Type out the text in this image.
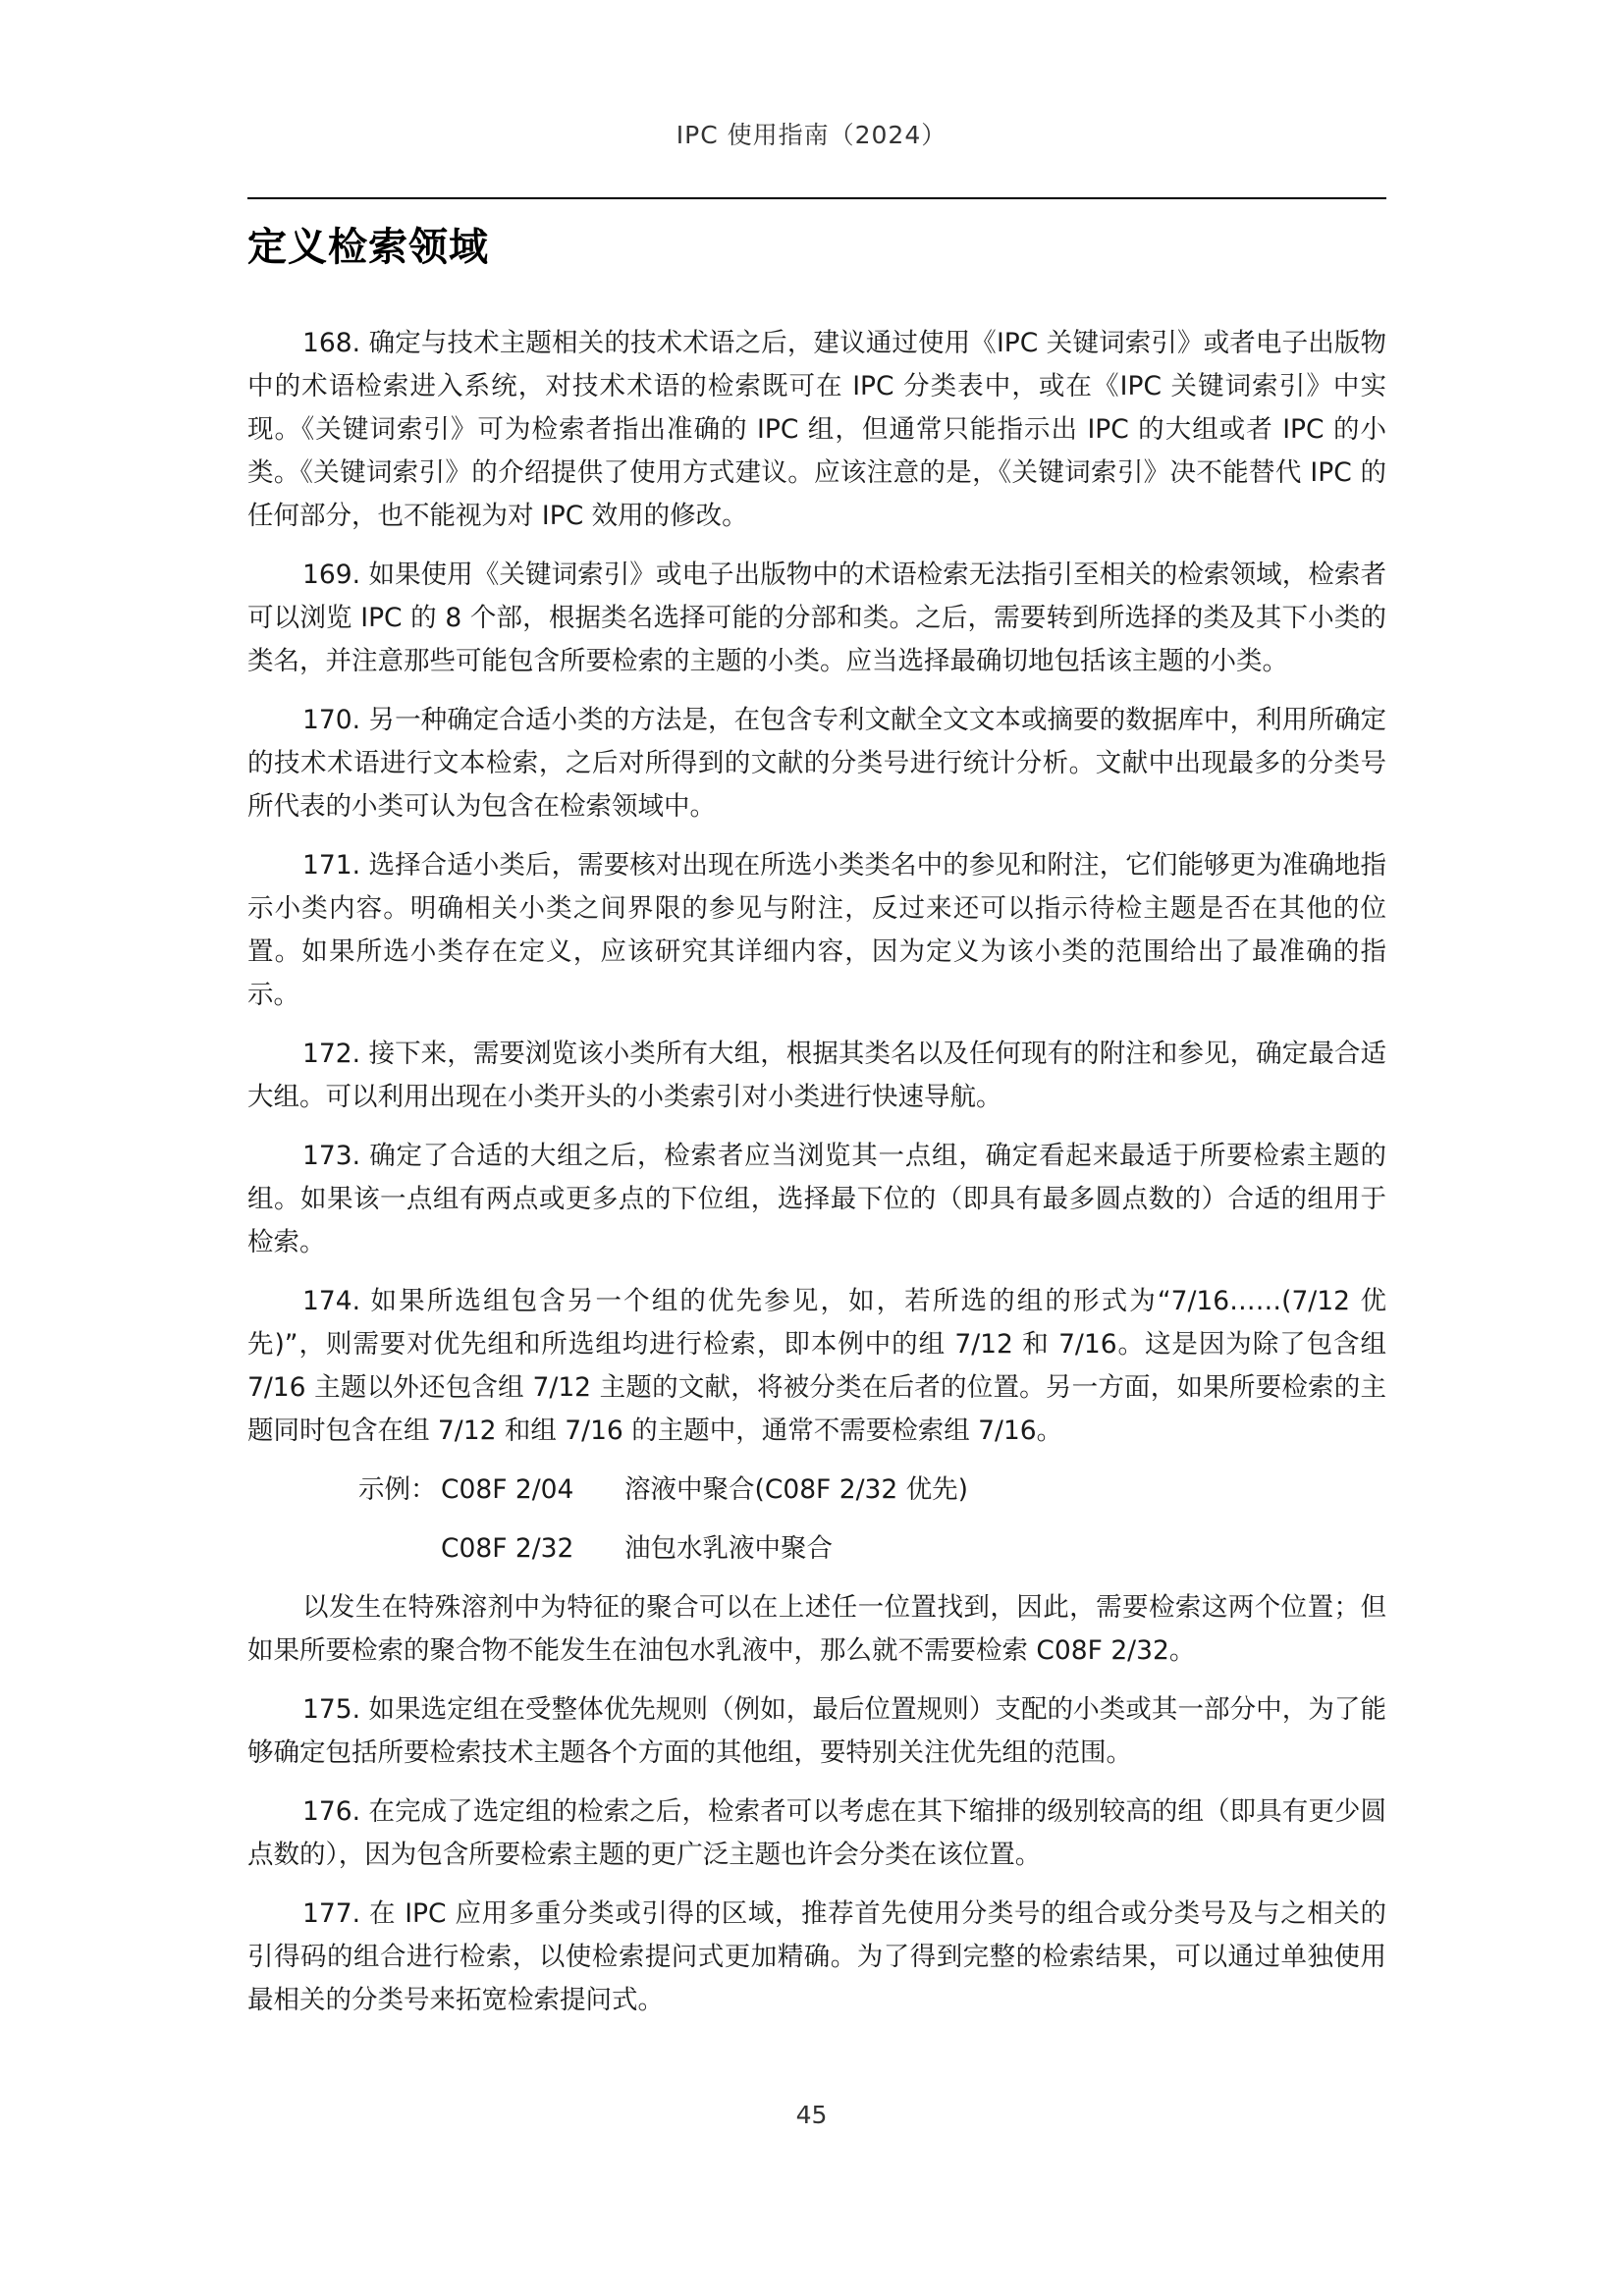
IPC 使用指南（2024）
定义检索领域

168. 确定与技术主题相关的技术术语之后，建议通过使用《IPC 关键词索引》或者电子出版物中的术语检索进入系统，对技术术语的检索既可在 IPC 分类表中，或在《IPC 关键词索引》中实现。《关键词索引》可为检索者指出准确的 IPC 组，但通常只能指示出 IPC 的大组或者 IPC 的小类。《关键词索引》的介绍提供了使用方式建议。应该注意的是，《关键词索引》决不能替代 IPC 的任何部分，也不能视为对 IPC 效用的修改。

169. 如果使用《关键词索引》或电子出版物中的术语检索无法指引至相关的检索领域，检索者可以浏览 IPC 的 8 个部，根据类名选择可能的分部和类。之后，需要转到所选择的类及其下小类的类名，并注意那些可能包含所要检索的主题的小类。应当选择最确切地包括该主题的小类。

170. 另一种确定合适小类的方法是，在包含专利文献全文文本或摘要的数据库中，利用所确定的技术术语进行文本检索，之后对所得到的文献的分类号进行统计分析。文献中出现最多的分类号所代表的小类可认为包含在检索领域中。

171. 选择合适小类后，需要核对出现在所选小类类名中的参见和附注，它们能够更为准确地指示小类内容。明确相关小类之间界限的参见与附注，反过来还可以指示待检主题是否在其他的位置。如果所选小类存在定义，应该研究其详细内容，因为定义为该小类的范围给出了最准确的指示。

172. 接下来，需要浏览该小类所有大组，根据其类名以及任何现有的附注和参见，确定最合适大组。可以利用出现在小类开头的小类索引对小类进行快速导航。

173. 确定了合适的大组之后，检索者应当浏览其一点组，确定看起来最适于所要检索主题的组。如果该一点组有两点或更多点的下位组，选择最下位的（即具有最多圆点数的）合适的组用于检索。

174. 如果所选组包含另一个组的优先参见，如，若所选的组的形式为“7/16……(7/12 优先)”，则需要对优先组和所选组均进行检索，即本例中的组 7/12 和 7/16。这是因为除了包含组 7/16 主题以外还包含组 7/12 主题的文献，将被分类在后者的位置。另一方面，如果所要检索的主题同时包含在组 7/12 和组 7/16 的主题中，通常不需要检索组 7/16。

示例： C08F 2/04	溶液中聚合(C08F 2/32 优先)
C08F 2/32	油包水乳液中聚合

以发生在特殊溶剂中为特征的聚合可以在上述任一位置找到，因此，需要检索这两个位置；但如果所要检索的聚合物不能发生在油包水乳液中，那么就不需要检索 C08F 2/32。

175. 如果选定组在受整体优先规则（例如，最后位置规则）支配的小类或其一部分中，为了能够确定包括所要检索技术主题各个方面的其他组，要特别关注优先组的范围。

176. 在完成了选定组的检索之后，检索者可以考虑在其下缩排的级别较高的组（即具有更少圆点数的），因为包含所要检索主题的更广泛主题也许会分类在该位置。

177. 在 IPC 应用多重分类或引得的区域，推荐首先使用分类号的组合或分类号及与之相关的引得码的组合进行检索，以使检索提问式更加精确。为了得到完整的检索结果，可以通过单独使用最相关的分类号来拓宽检索提问式。

45
